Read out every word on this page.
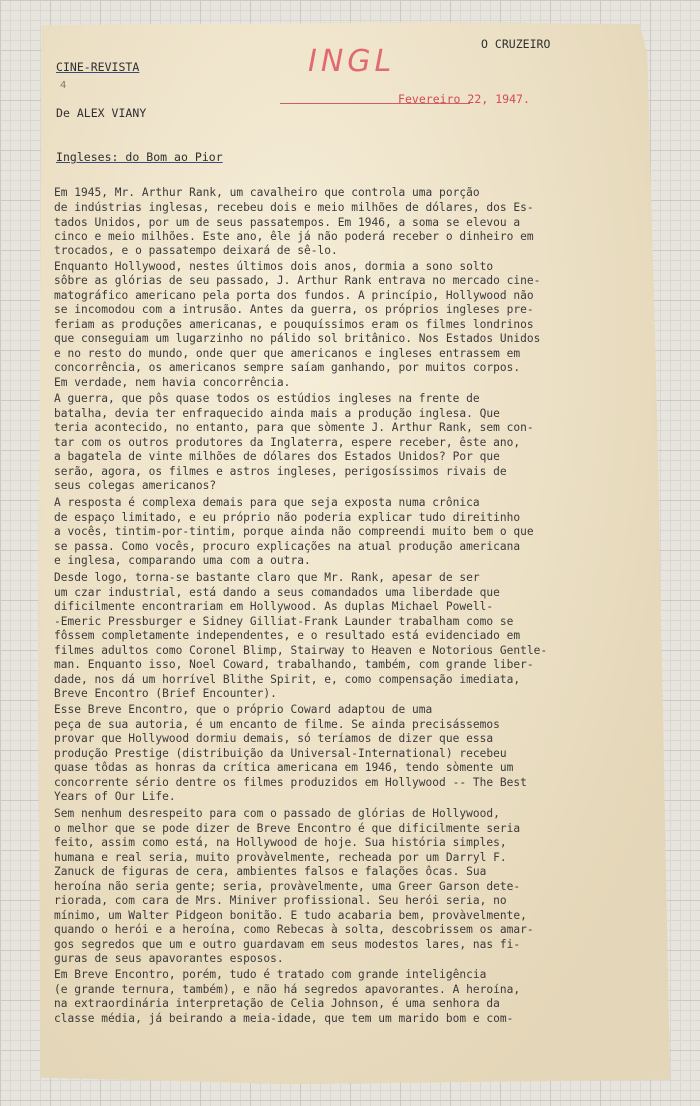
CINE-REVISTA

O CRUZEIRO

4

De ALEX VIANY

INGL

Fevereiro 22, 1947.

Ingleses: do Bom ao Pior

Em 1945, Mr. Arthur Rank, um cavalheiro que controla uma porção

de indústrias inglesas, recebeu dois e meio milhões de dólares, dos Es-

tados Unidos, por um de seus passatempos. Em 1946, a soma se elevou a

cinco e meio milhões. Este ano, êle já não poderá receber o dinheiro em

trocados, e o passatempo deixará de sê-lo.

Enquanto Hollywood, nestes últimos dois anos, dormia a sono solto

sôbre as glórias de seu passado, J. Arthur Rank entrava no mercado cine-

matográfico americano pela porta dos fundos. A princípio, Hollywood não

se incomodou com a intrusão. Antes da guerra, os próprios ingleses pre-

feriam as produções americanas, e pouquíssimos eram os filmes londrinos

que conseguiam um lugarzinho no pálido sol britânico. Nos Estados Unidos

e no resto do mundo, onde quer que americanos e ingleses entrassem em

concorrência, os americanos sempre saíam ganhando, por muitos corpos.

Em verdade, nem havia concorrência.

A guerra, que pôs quase todos os estúdios ingleses na frente de

batalha, devia ter enfraquecido ainda mais a produção inglesa. Que

teria acontecido, no entanto, para que sòmente J. Arthur Rank, sem con-

tar com os outros produtores da Inglaterra, espere receber, êste ano,

a bagatela de vinte milhões de dólares dos Estados Unidos? Por que

serão, agora, os filmes e astros ingleses, perigosíssimos rivais de

seus colegas americanos?

A resposta é complexa demais para que seja exposta numa crônica

de espaço limitado, e eu próprio não poderia explicar tudo direitinho

a vocês, tintim-por-tintim, porque ainda não compreendi muito bem o que

se passa. Como vocês, procuro explicações na atual produção americana

e inglesa, comparando uma com a outra.

Desde logo, torna-se bastante claro que Mr. Rank, apesar de ser

um czar industrial, está dando a seus comandados uma liberdade que

dificilmente encontrariam em Hollywood. As duplas Michael Powell-

-Emeric Pressburger e Sidney Gilliat-Frank Launder trabalham como se

fôssem completamente independentes, e o resultado está evidenciado em

filmes adultos como Coronel Blimp, Stairway to Heaven e Notorious Gentle-

man. Enquanto isso, Noel Coward, trabalhando, também, com grande liber-

dade, nos dá um horrível Blithe Spirit, e, como compensação imediata,

Breve Encontro (Brief Encounter).

Esse Breve Encontro, que o próprio Coward adaptou de uma

peça de sua autoria, é um encanto de filme. Se ainda precisássemos

provar que Hollywood dormiu demais, só teríamos de dizer que essa

produção Prestige (distribuição da Universal-International) recebeu

quase tôdas as honras da crítica americana em 1946, tendo sòmente um

concorrente sério dentre os filmes produzidos em Hollywood -- The Best

Years of Our Life.

Sem nenhum desrespeito para com o passado de glórias de Hollywood,

o melhor que se pode dizer de Breve Encontro é que dificilmente seria

feito, assim como está, na Hollywood de hoje. Sua história simples,

humana e real seria, muito provàvelmente, recheada por um Darryl F.

Zanuck de figuras de cera, ambientes falsos e falações ôcas. Sua

heroína não seria gente; seria, provàvelmente, uma Greer Garson dete-

riorada, com cara de Mrs. Miniver profissional. Seu herói seria, no

mínimo, um Walter Pidgeon bonitão. E tudo acabaria bem, provàvelmente,

quando o herói e a heroína, como Rebecas à solta, descobrissem os amar-

gos segredos que um e outro guardavam em seus modestos lares, nas fi-

guras de seus apavorantes esposos.

Em Breve Encontro, porém, tudo é tratado com grande inteligência

(e grande ternura, também), e não há segredos apavorantes. A heroína,

na extraordinária interpretação de Celia Johnson, é uma senhora da

classe média, já beirando a meia-idade, que tem um marido bom e com-
